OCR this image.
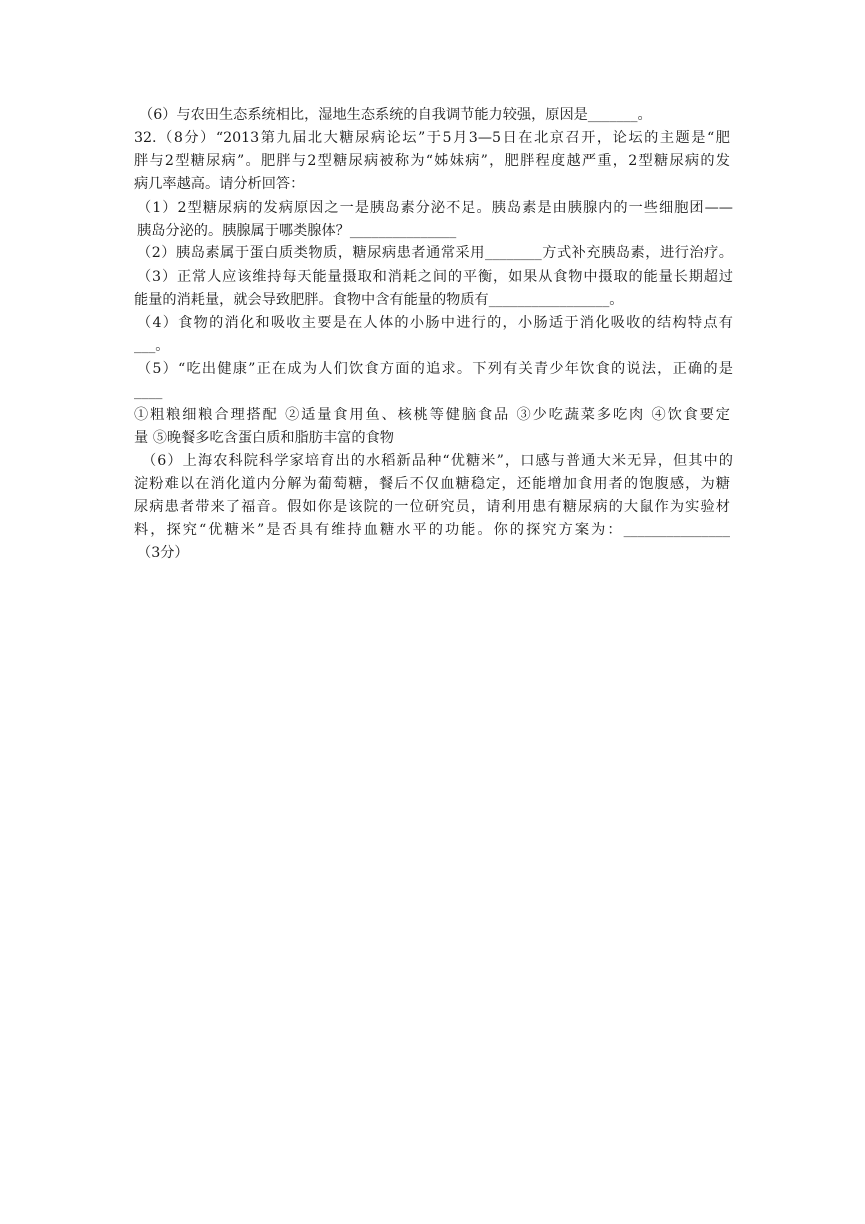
（6）与农田生态系统相比，湿地生态系统的自我调节能力较强，原因是_______。
32.（8分）“2013第九届北大糖尿病论坛”于5月3—5日在北京召开，论坛的主题是“肥
胖与2型糖尿病”。肥胖与2型糖尿病被称为“姊妹病”，肥胖程度越严重，2型糖尿病的发
病几率越高。请分析回答：
（1）2型糖尿病的发病原因之一是胰岛素分泌不足。胰岛素是由胰腺内的一些细胞团——
胰岛分泌的。胰腺属于哪类腺体？_______________
（2）胰岛素属于蛋白质类物质，糖尿病患者通常采用________方式补充胰岛素，进行治疗。
（3）正常人应该维持每天能量摄取和消耗之间的平衡，如果从食物中摄取的能量长期超过
能量的消耗量，就会导致肥胖。食物中含有能量的物质有_________________。
（4）食物的消化和吸收主要是在人体的小肠中进行的，小肠适于消化吸收的结构特点有
___。
（5）“吃出健康”正在成为人们饮食方面的追求。下列有关青少年饮食的说法，正确的是
____
①粗粮细粮合理搭配 ②适量食用鱼、核桃等健脑食品 ③少吃蔬菜多吃肉 ④饮食要定
量 ⑤晚餐多吃含蛋白质和脂肪丰富的食物
（6）上海农科院科学家培育出的水稻新品种“优糖米”，口感与普通大米无异，但其中的
淀粉难以在消化道内分解为葡萄糖，餐后不仅血糖稳定，还能增加食用者的饱腹感，为糖
尿病患者带来了福音。假如你是该院的一位研究员，请利用患有糖尿病的大鼠作为实验材
料，探究“优糖米”是否具有维持血糖水平的功能。你的探究方案为：_______________
（3分）
